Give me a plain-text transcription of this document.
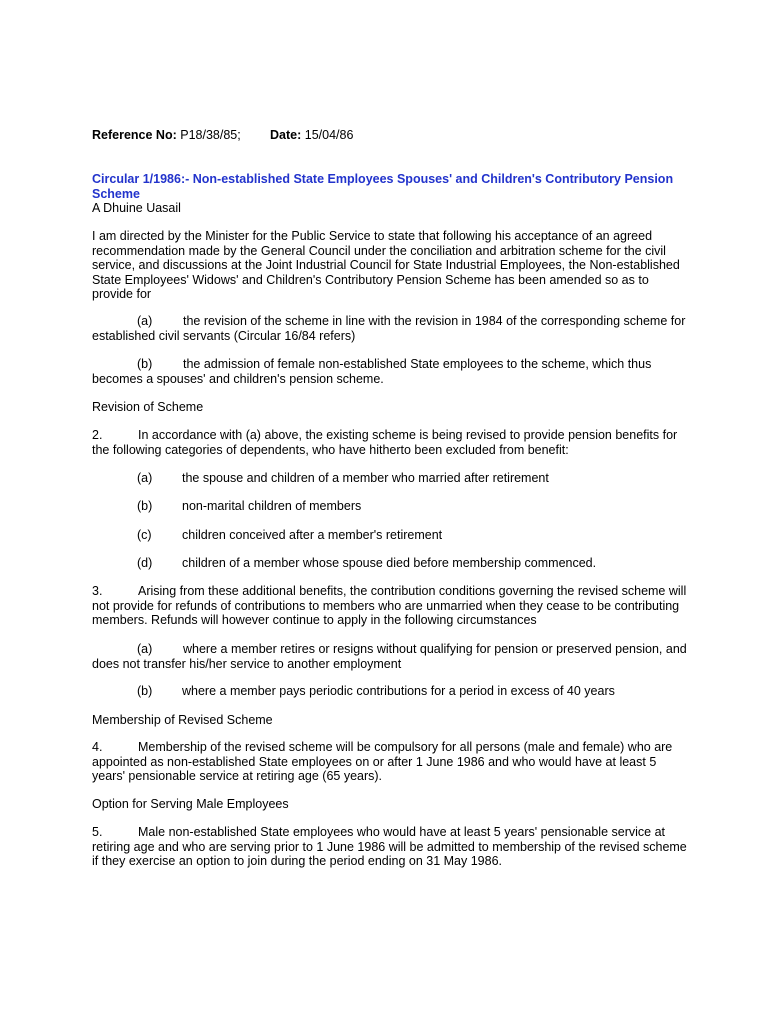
Reference No: P18/38/85; Date: 15/04/86
Circular 1/1986:- Non-established State Employees Spouses' and Children's Contributory Pension Scheme
A Dhuine Uasail
I am directed by the Minister for the Public Service to state that following his acceptance of an agreed recommendation made by the General Council under the conciliation and arbitration scheme for the civil service, and discussions at the Joint Industrial Council for State Industrial Employees, the Non-established State Employees' Widows' and Children's Contributory Pension Scheme has been amended so as to provide for
(a) the revision of the scheme in line with the revision in 1984 of the corresponding scheme for established civil servants (Circular 16/84 refers)
(b) the admission of female non-established State employees to the scheme, which thus becomes a spouses' and children's pension scheme.
Revision of Scheme
2.	In accordance with (a) above, the existing scheme is being revised to provide pension benefits for the following categories of dependents, who have hitherto been excluded from benefit:
(a) the spouse and children of a member who married after retirement
(b) non-marital children of members
(c) children conceived after a member's retirement
(d) children of a member whose spouse died before membership commenced.
3.	Arising from these additional benefits, the contribution conditions governing the revised scheme will not provide for refunds of contributions to members who are unmarried when they cease to be contributing members. Refunds will however continue to apply in the following circumstances
(a) where a member retires or resigns without qualifying for pension or preserved pension, and does not transfer his/her service to another employment
(b) where a member pays periodic contributions for a period in excess of 40 years
Membership of Revised Scheme
4.	Membership of the revised scheme will be compulsory for all persons (male and female) who are appointed as non-established State employees on or after 1 June 1986 and who would have at least 5 years' pensionable service at retiring age (65 years).
Option for Serving Male Employees
5.	Male non-established State employees who would have at least 5 years' pensionable service at retiring age and who are serving prior to 1 June 1986 will be admitted to membership of the revised scheme if they exercise an option to join during the period ending on 31 May 1986.
